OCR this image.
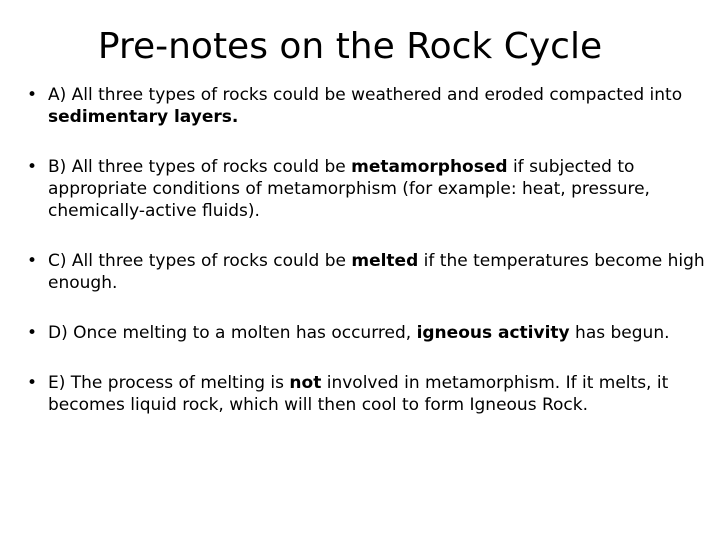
Pre-notes on the Rock Cycle
• A) All three types of rocks could be weathered and eroded compacted into sedimentary layers.
• B) All three types of rocks could be metamorphosed if subjected to appropriate conditions of metamorphism (for example: heat, pressure, chemically-active fluids).
• C) All three types of rocks could be melted if the temperatures become high enough.
• D) Once melting to a molten has occurred, igneous activity has begun.
• E) The process of melting is not involved in metamorphism. If it melts, it becomes liquid rock, which will then cool to form Igneous Rock.
